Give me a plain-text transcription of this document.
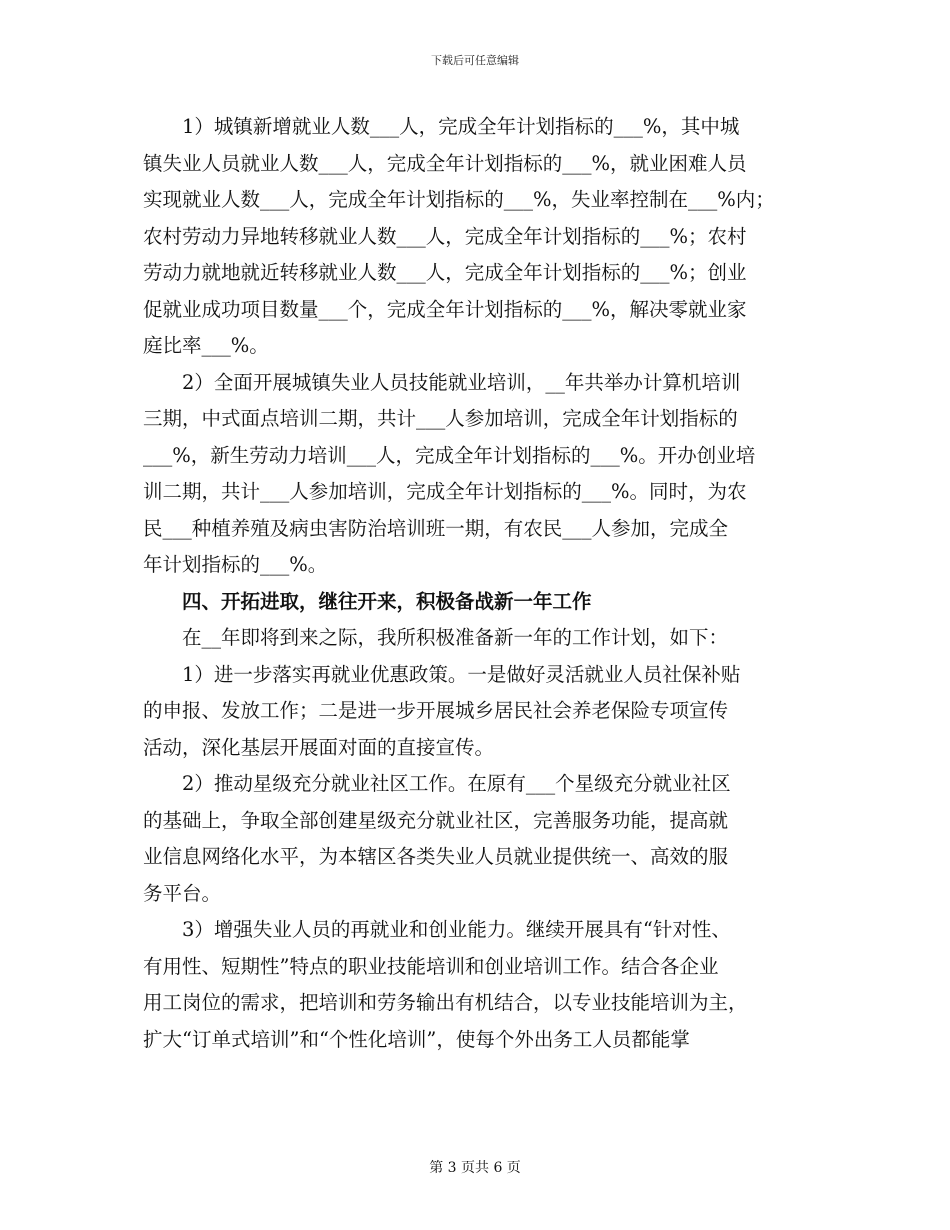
下载后可任意编辑
　　1）城镇新增就业人数___人，完成全年计划指标的___%，其中城
镇失业人员就业人数___人，完成全年计划指标的___%，就业困难人员
实现就业人数___人，完成全年计划指标的___%，失业率控制在___%内；
农村劳动力异地转移就业人数___人，完成全年计划指标的___%；农村
劳动力就地就近转移就业人数___人，完成全年计划指标的___%；创业
促就业成功项目数量___个，完成全年计划指标的___%，解决零就业家
庭比率___%。
　　2）全面开展城镇失业人员技能就业培训，__年共举办计算机培训
三期，中式面点培训二期，共计___人参加培训，完成全年计划指标的
___%，新生劳动力培训___人，完成全年计划指标的___%。开办创业培
训二期，共计___人参加培训，完成全年计划指标的___%。同时，为农
民___种植养殖及病虫害防治培训班一期，有农民___人参加，完成全
年计划指标的___%。
　　四、开拓进取，继往开来，积极备战新一年工作
　　在__年即将到来之际，我所积极准备新一年的工作计划，如下：
　　1）进一步落实再就业优惠政策。一是做好灵活就业人员社保补贴
的申报、发放工作；二是进一步开展城乡居民社会养老保险专项宣传
活动，深化基层开展面对面的直接宣传。
　　2）推动星级充分就业社区工作。在原有___个星级充分就业社区
的基础上，争取全部创建星级充分就业社区，完善服务功能，提高就
业信息网络化水平，为本辖区各类失业人员就业提供统一、高效的服
务平台。
　　3）增强失业人员的再就业和创业能力。继续开展具有“针对性、
有用性、短期性”特点的职业技能培训和创业培训工作。结合各企业
用工岗位的需求，把培训和劳务输出有机结合，以专业技能培训为主，
扩大“订单式培训”和“个性化培训”，使每个外出务工人员都能掌
第 3 页共 6 页
